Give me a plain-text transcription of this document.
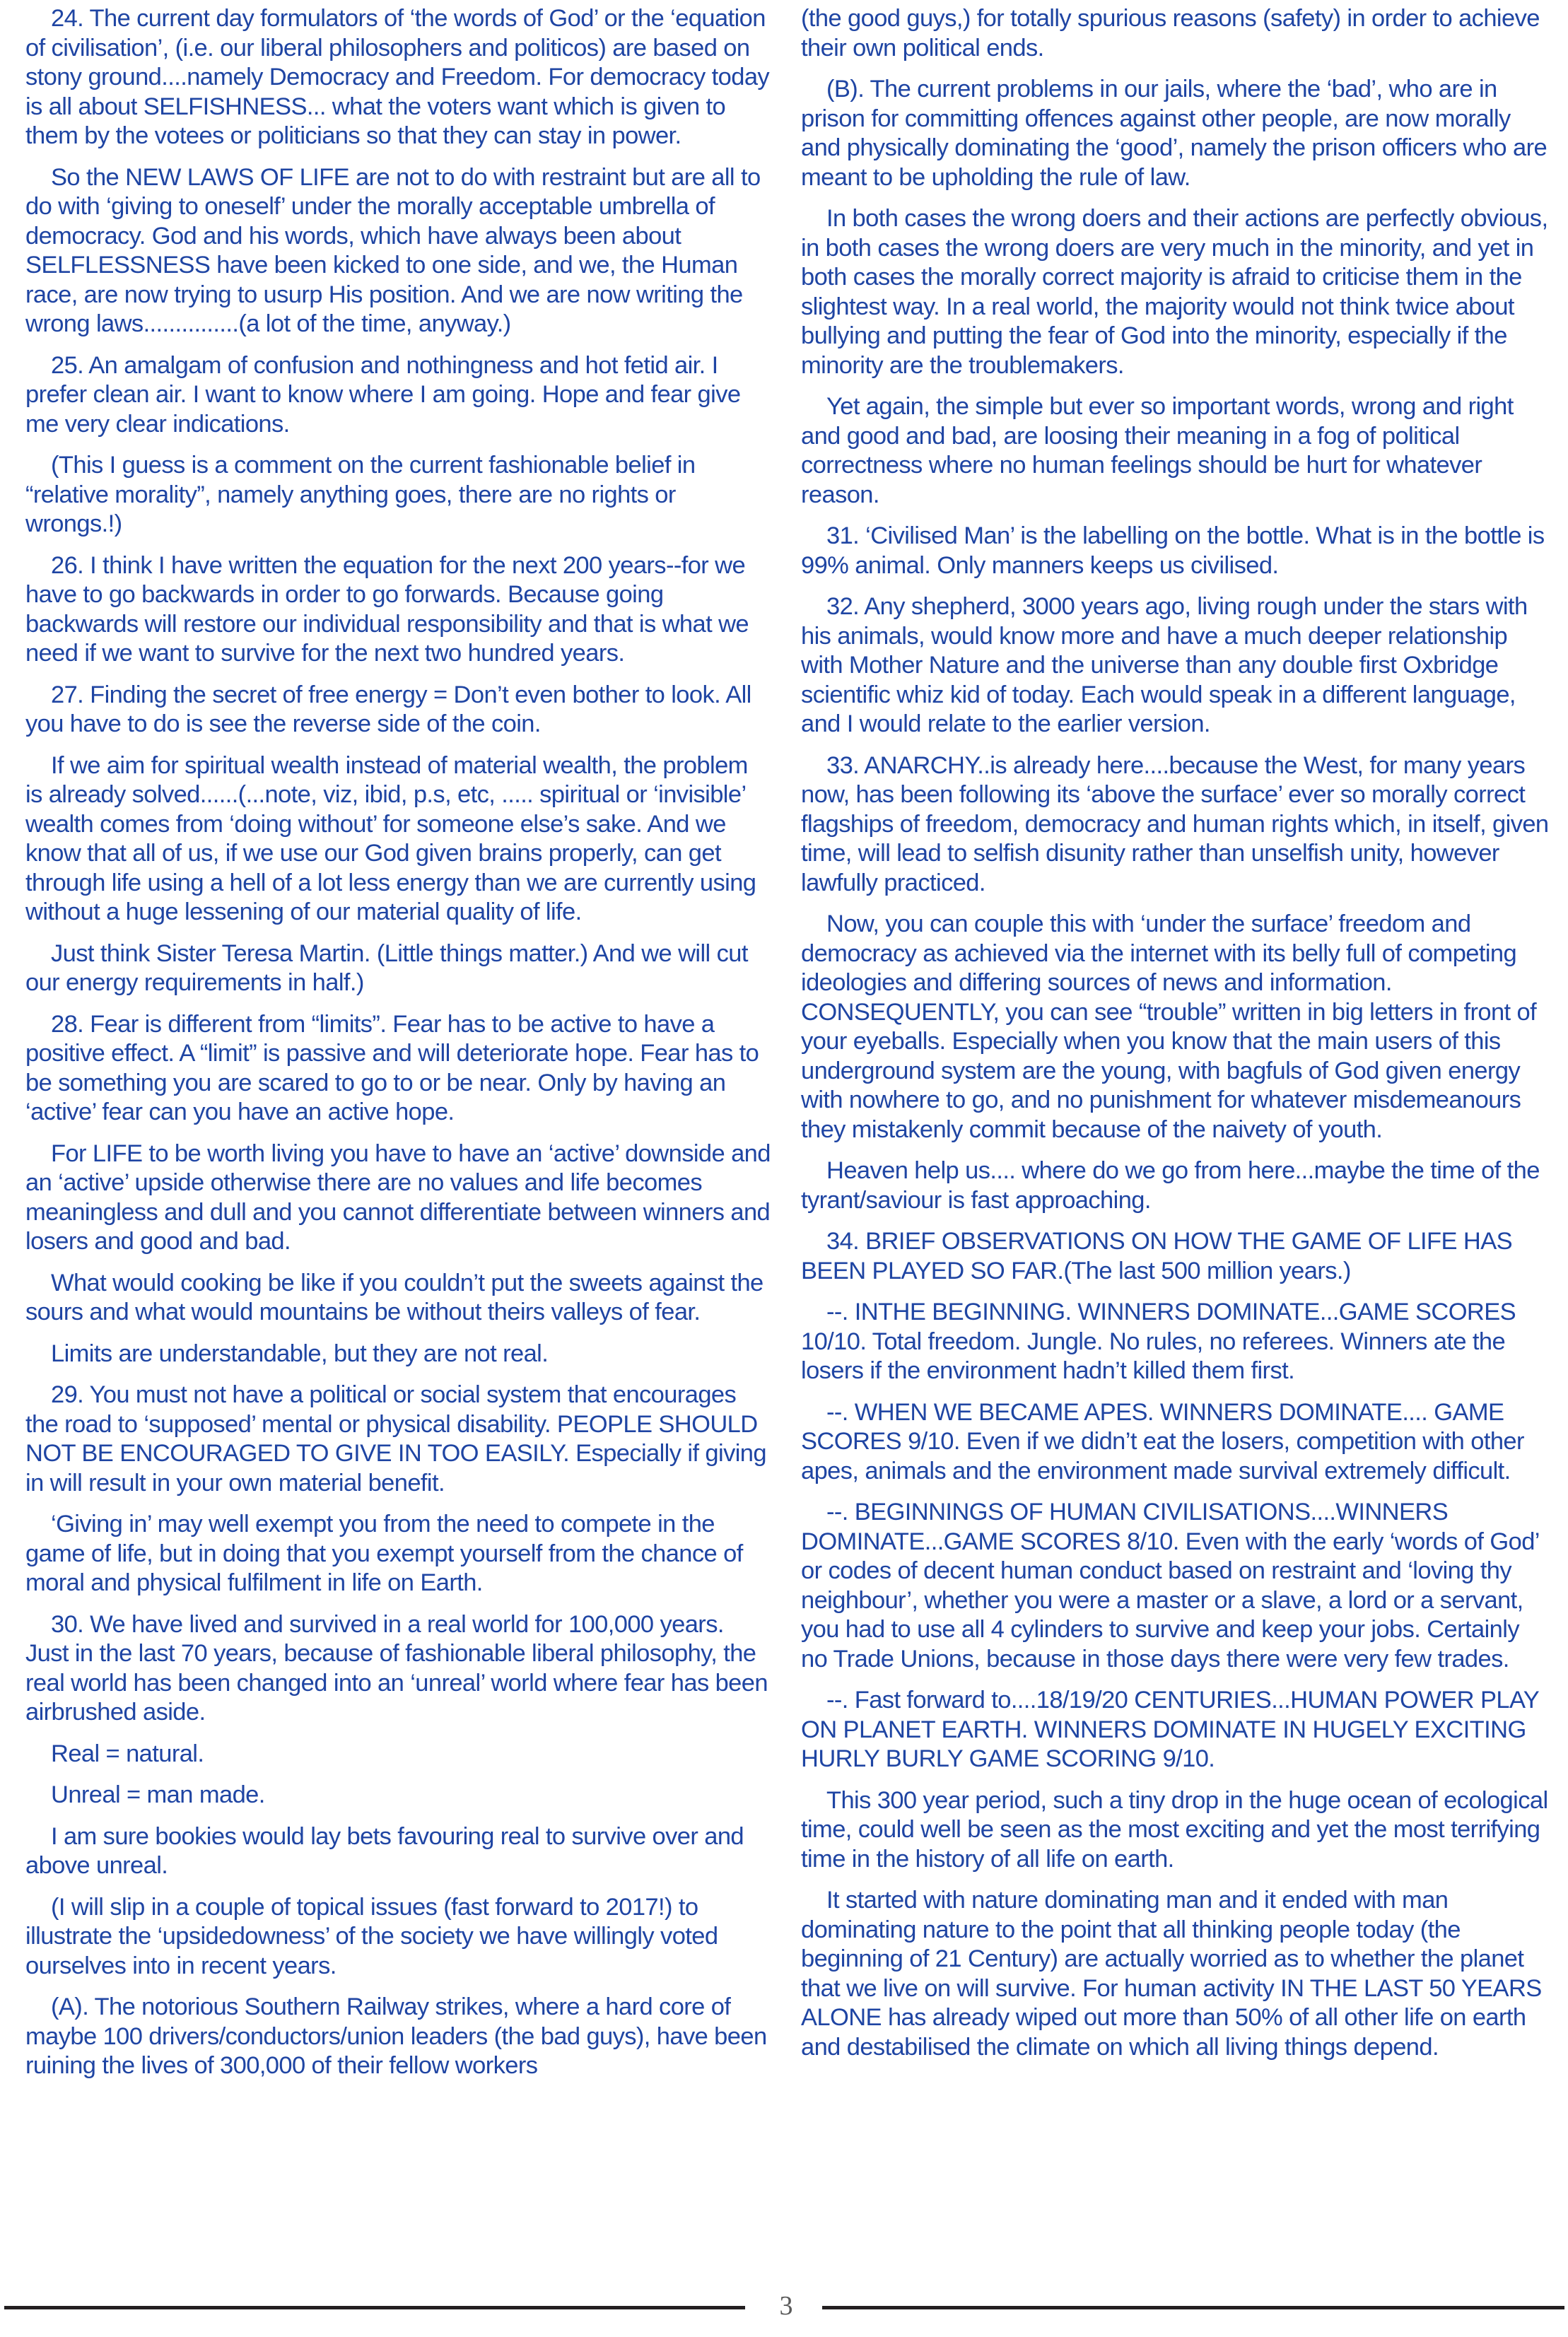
24. The current day formulators of ‘the words of God’ or the ‘equation of civilisation’, (i.e. our liberal philosophers and politicos) are based on stony ground....namely Democracy and Freedom. For democracy today is all about SELFISHNESS... what the voters want which is given to them by the votees or politicians so that they can stay in power.

So the NEW LAWS OF LIFE are not to do with restraint but are all to do with ‘giving to oneself’ under the morally acceptable umbrella of democracy. God and his words, which have always been about SELFLESSNESS have been kicked to one side, and we, the Human race, are now trying to usurp His position. And we are now writing the wrong laws...............(a lot of the time, anyway.)

25. An amalgam of confusion and nothingness and hot fetid air. I prefer clean air. I want to know where I am going. Hope and fear give me very clear indications.

(This I guess is a comment on the current fashionable belief in “relative morality”, namely anything goes, there are no rights or wrongs.!)

26. I think I have written the equation for the next 200 years--for we have to go backwards in order to go forwards. Because going backwards will restore our individual responsibility and that is what we need if we want to survive for the next two hundred years.

27. Finding the secret of free energy = Don’t even bother to look. All you have to do is see the reverse side of the coin.

If we aim for spiritual wealth instead of material wealth, the problem is already solved......(...note, viz, ibid, p.s, etc, ..... spiritual or ‘invisible’ wealth comes from ‘doing without’ for someone else’s sake. And we know that all of us, if we use our God given brains properly, can get through life using a hell of a lot less energy than we are currently using without a huge lessening of our material quality of life.

Just think Sister Teresa Martin. (Little things matter.) And we will cut our energy requirements in half.)

28. Fear is different from “limits”. Fear has to be active to have a positive effect. A “limit” is passive and will deteriorate hope. Fear has to be something you are scared to go to or be near. Only by having an ‘active’ fear can you have an active hope.

For LIFE to be worth living you have to have an ‘active’ downside and an ‘active’ upside otherwise there are no values and life becomes meaningless and dull and you cannot differentiate between winners and losers and good and bad.

What would cooking be like if you couldn’t put the sweets against the sours and what would mountains be without theirs valleys of fear.

Limits are understandable, but they are not real.

29. You must not have a political or social system that encourages the road to ‘supposed’ mental or physical disability. PEOPLE SHOULD NOT BE ENCOURAGED TO GIVE IN TOO EASILY. Especially if giving in will result in your own material benefit.

‘Giving in’ may well exempt you from the need to compete in the game of life, but in doing that you exempt yourself from the chance of moral and physical fulfilment in life on Earth.

30. We have lived and survived in a real world for 100,000 years. Just in the last 70 years, because of fashionable liberal philosophy, the real world has been changed into an ‘unreal’ world where fear has been airbrushed aside.

Real = natural.

Unreal = man made.

I am sure bookies would lay bets favouring real to survive over and above unreal.

(I will slip in a couple of topical issues (fast forward to 2017!) to illustrate the ‘upsidedowness’ of the society we have willingly voted ourselves into in recent years.

(A). The notorious Southern Railway strikes, where a hard core of maybe 100 drivers/conductors/union leaders (the bad guys), have been ruining the lives of 300,000 of their fellow workers

(the good guys,) for totally spurious reasons (safety) in order to achieve their own political ends.

(B). The current problems in our jails, where the ‘bad’, who are in prison for committing offences against other people, are now morally and physically dominating the ‘good’, namely the prison officers who are meant to be upholding the rule of law.

In both cases the wrong doers and their actions are perfectly obvious, in both cases the wrong doers are very much in the minority, and yet in both cases the morally correct majority is afraid to criticise them in the slightest way. In a real world, the majority would not think twice about bullying and putting the fear of God into the minority, especially if the minority are the troublemakers.

Yet again, the simple but ever so important words, wrong and right and good and bad, are loosing their meaning in a fog of political correctness where no human feelings should be hurt for whatever reason.

31. ‘Civilised Man’ is the labelling on the bottle. What is in the bottle is 99% animal. Only manners keeps us civilised.

32. Any shepherd, 3000 years ago, living rough under the stars with his animals, would know more and have a much deeper relationship with Mother Nature and the universe than any double first Oxbridge scientific whiz kid of today. Each would speak in a different language, and I would relate to the earlier version.

33. ANARCHY..is already here....because the West, for many years now, has been following its ‘above the surface’ ever so morally correct flagships of freedom, democracy and human rights which, in itself, given time, will lead to selfish disunity rather than unselfish unity, however lawfully practiced.

Now, you can couple this with ‘under the surface’ freedom and democracy as achieved via the internet with its belly full of competing ideologies and differing sources of news and information. CONSEQUENTLY, you can see “trouble” written in big letters in front of your eyeballs. Especially when you know that the main users of this underground system are the young, with bagfuls of God given energy with nowhere to go, and no punishment for whatever misdemeanours they mistakenly commit because of the naivety of youth.

Heaven help us.... where do we go from here...maybe the time of the tyrant/saviour is fast approaching.

34. BRIEF OBSERVATIONS ON HOW THE GAME OF LIFE HAS BEEN PLAYED SO FAR.(The last 500 million years.)

--. INTHE BEGINNING. WINNERS DOMINATE...GAME SCORES 10/10. Total freedom. Jungle. No rules, no referees. Winners ate the losers if the environment hadn’t killed them first.

--. WHEN WE BECAME APES. WINNERS DOMINATE.... GAME SCORES 9/10. Even if we didn’t eat the losers, competition with other apes, animals and the environment made survival extremely difficult.

--. BEGINNINGS OF HUMAN CIVILISATIONS....WINNERS DOMINATE...GAME SCORES 8/10. Even with the early ‘words of God’ or codes of decent human conduct based on restraint and ‘loving thy neighbour’, whether you were a master or a slave, a lord or a servant, you had to use all 4 cylinders to survive and keep your jobs. Certainly no Trade Unions, because in those days there were very few trades.

--. Fast forward to....18/19/20 CENTURIES...HUMAN POWER PLAY ON PLANET EARTH. WINNERS DOMINATE IN HUGELY EXCITING HURLY BURLY GAME SCORING 9/10.

This 300 year period, such a tiny drop in the huge ocean of ecological time, could well be seen as the most exciting and yet the most terrifying time in the history of all life on earth.

It started with nature dominating man and it ended with man dominating nature to the point that all thinking people today (the beginning of 21 Century) are actually worried as to whether the planet that we live on will survive. For human activity IN THE LAST 50 YEARS ALONE has already wiped out more than 50% of all other life on earth and destabilised the climate on which all living things depend.

3
